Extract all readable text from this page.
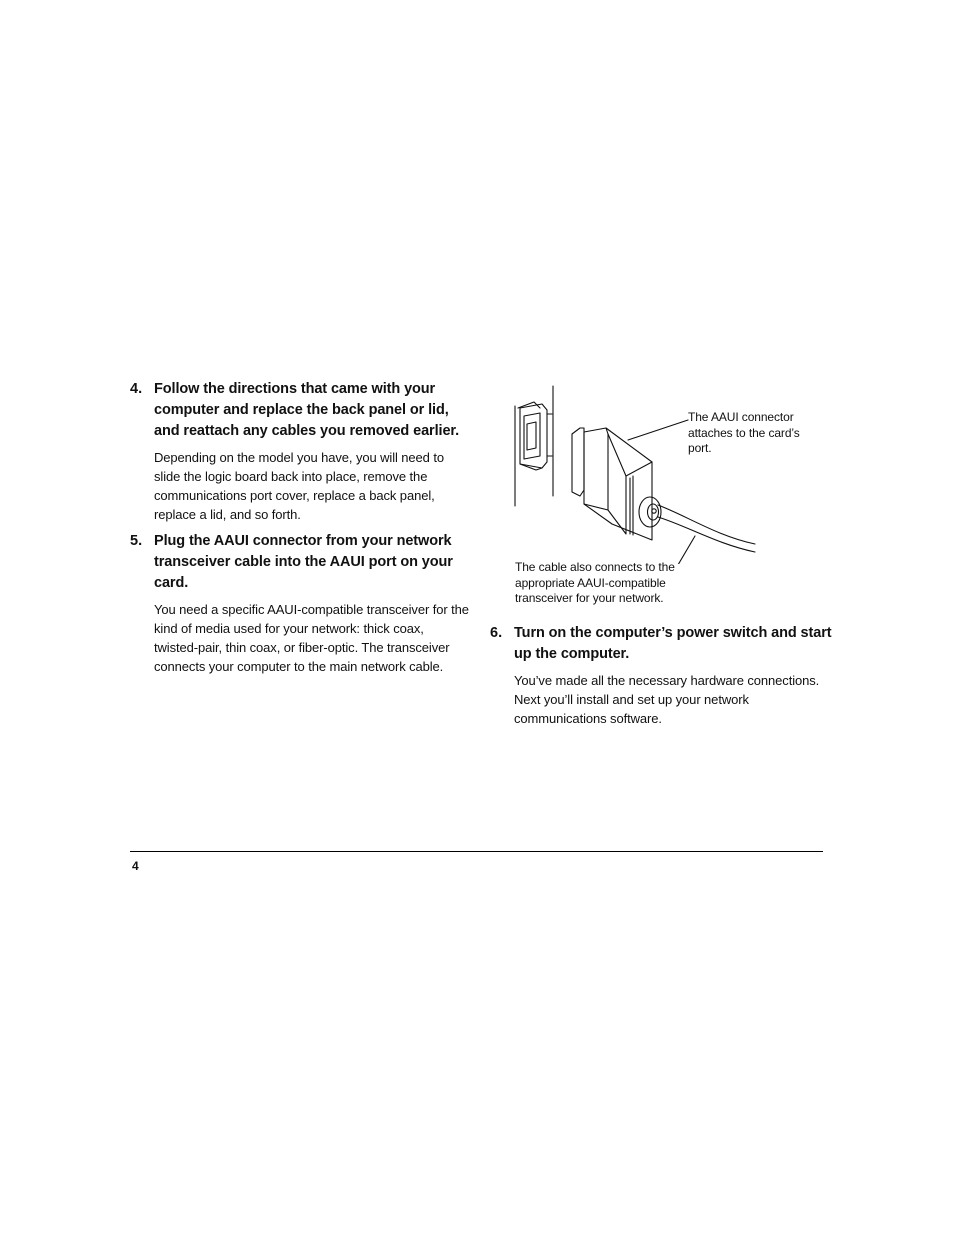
4. Follow the directions that came with your computer and replace the back panel or lid, and reattach any cables you removed earlier.
Depending on the model you have, you will need to slide the logic board back into place, remove the communications port cover, replace a back panel, replace a lid, and so forth.
5. Plug the AAUI connector from your network transceiver cable into the AAUI port on your card.
You need a specific AAUI-compatible transceiver for the kind of media used for your network: thick coax, twisted-pair, thin coax, or fiber-optic. The transceiver connects your computer to the main network cable.
The AAUI connector attaches to the card’s port.
The cable also connects to the appropriate AAUI-compatible transceiver for your network.
6. Turn on the computer’s power switch and start up the computer.
You’ve made all the necessary hardware connections. Next you’ll install and set up your network communications software.
4
